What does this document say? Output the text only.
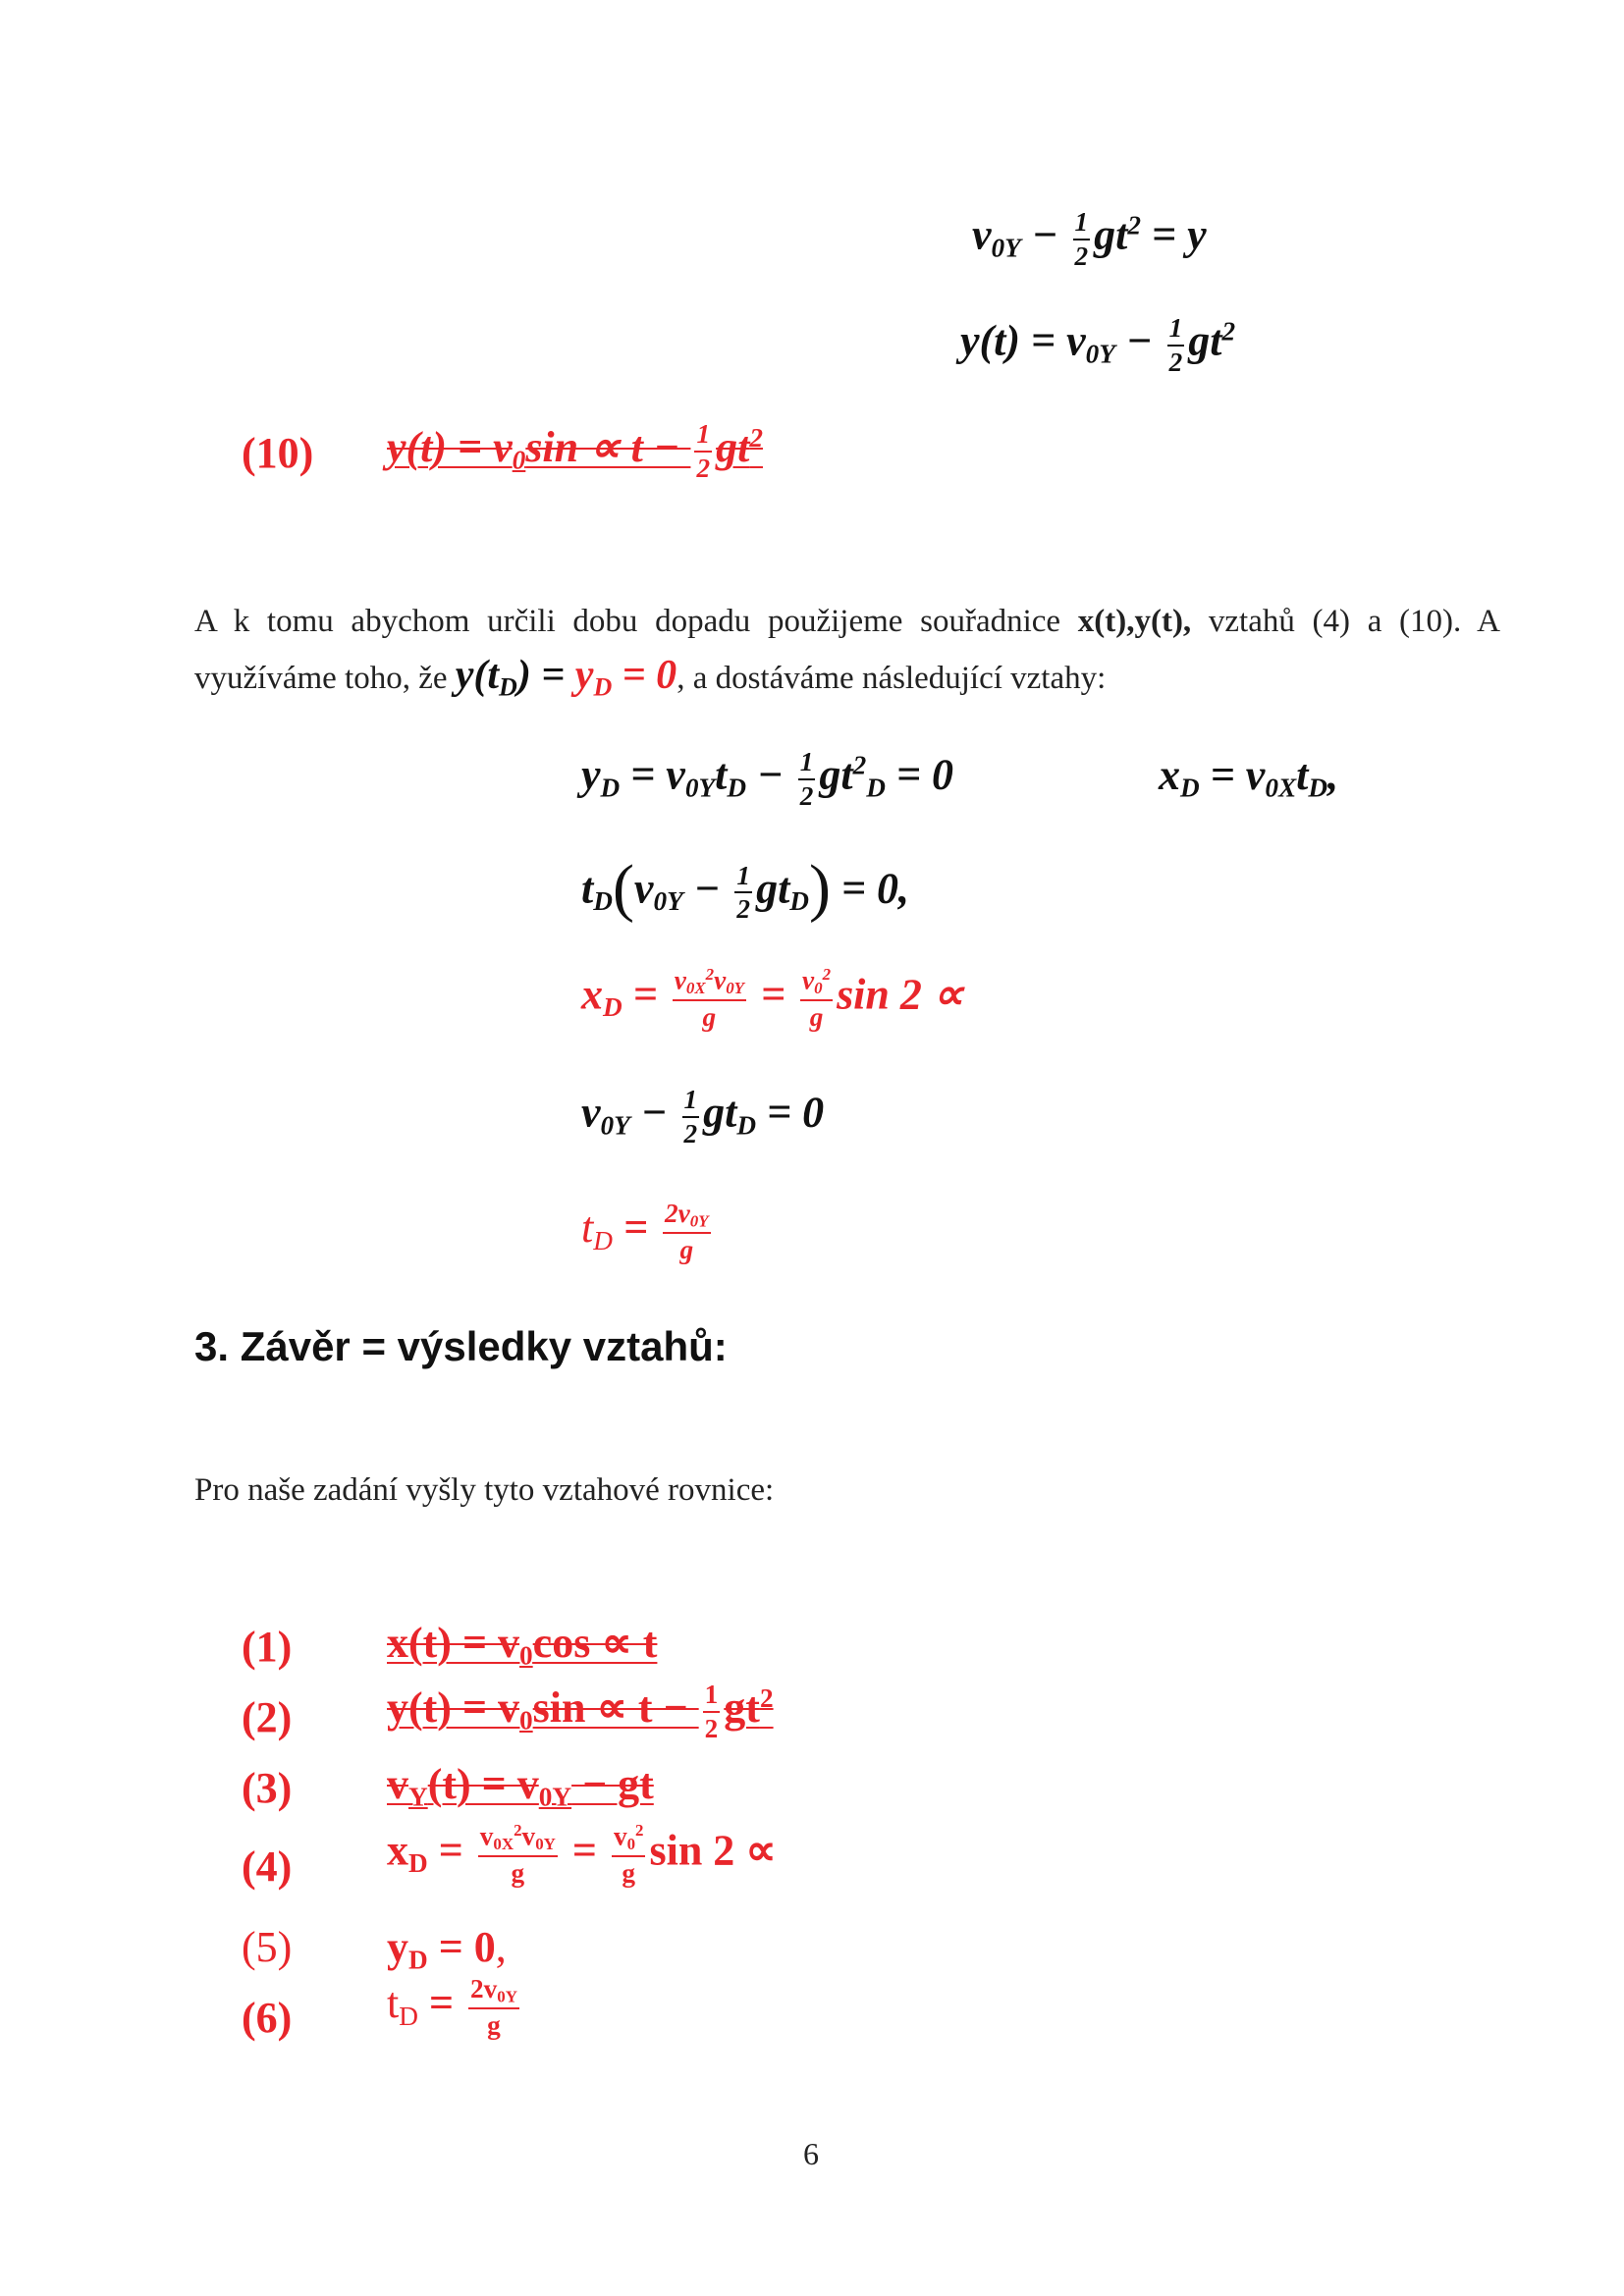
$v_{0Y} - \frac{1}{2} gt^2 = y$
$y(t) = v_{0Y} - \frac{1}{2} gt^2$
(10) $y(t) = v_0\sin \propto t - \frac{1}{2} gt^2$
A k tomu abychom určili dobu dopadu použijeme souřadnice x(t),y(t), vztahů (4) a (10). A využíváme toho, že $y(t_D) = y_D = 0$, a dostáváme následující vztahy:
$y_D = v_{0Y}t_D - \frac{1}{2} gt^2_D = 0$	$x_D = v_{0X}t_D$,
$t_D(v_{0Y} - \frac{1}{2} gt_D) = 0$,
$x_D = \frac{v_{0X}^2v_{0Y}}{g} = \frac{v_0^2}{g}$ sin 2 ∝
$v_{0Y} - \frac{1}{2} gt_D = 0$
$t_D = \frac{2v_{0Y}}{g}$
3. Závěr = výsledky vztahů:
Pro naše zadání vyšly tyto vztahové rovnice:
(1) $x(t) = v_0\cos \propto t$
(2) $y(t) = v_0\sin \propto t - \frac{1}{2} gt^2$
(3) $v_Y(t) = v_{0Y}$ − gt
(4) $x_D = \frac{v_{0X}^2v_{0Y}}{g} = \frac{v_0^2}{g}$ sin 2 ∝
(5) $y_D = 0$,
(6) $t_D = \frac{2v_{0Y}}{g}$
6
